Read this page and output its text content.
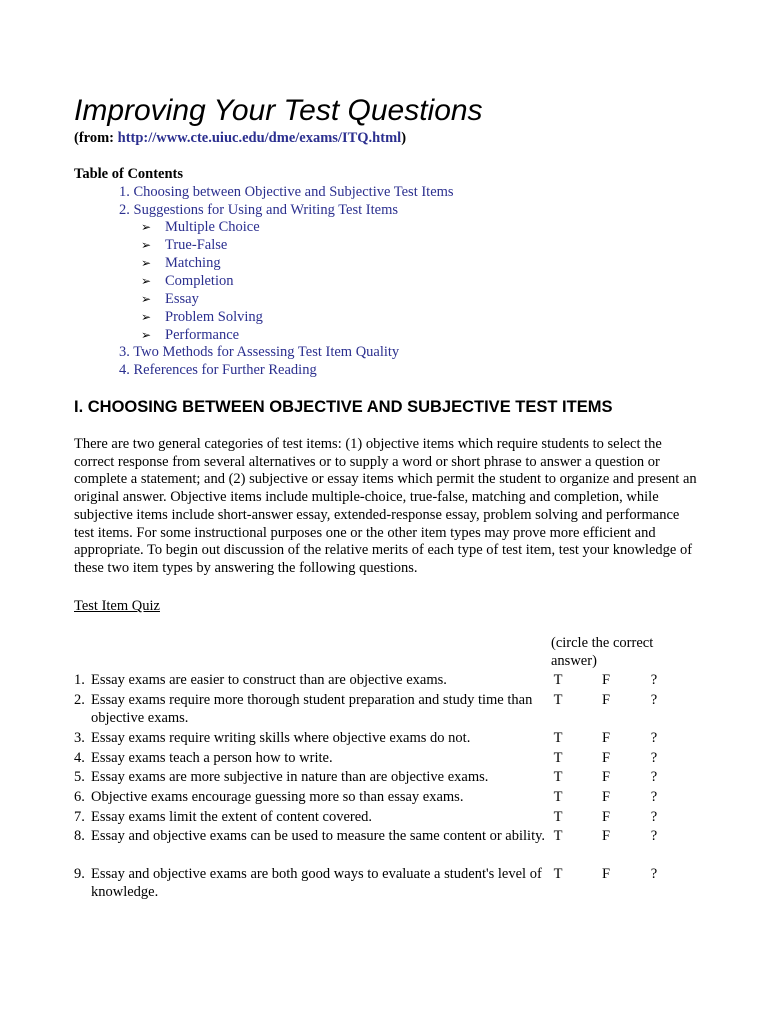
Improving Your Test Questions
(from: http://www.cte.uiuc.edu/dme/exams/ITQ.html)
Table of Contents
1. Choosing between Objective and Subjective Test Items
2. Suggestions for Using and Writing Test Items
➢ Multiple Choice
➢ True-False
➢ Matching
➢ Completion
➢ Essay
➢ Problem Solving
➢ Performance
3. Two Methods for Assessing Test Item Quality
4. References for Further Reading
I. CHOOSING BETWEEN OBJECTIVE AND SUBJECTIVE TEST ITEMS
There are two general categories of test items: (1) objective items which require students to select the correct response from several alternatives or to supply a word or short phrase to answer a question or complete a statement; and (2) subjective or essay items which permit the student to organize and present an original answer. Objective items include multiple-choice, true-false, matching and completion, while subjective items include short-answer essay, extended-response essay, problem solving and performance test items. For some instructional purposes one or the other item types may prove more efficient and appropriate. To begin out discussion of the relative merits of each type of test item, test your knowledge of these two item types by answering the following questions.
Test Item Quiz
(circle the correct answer)
1. Essay exams are easier to construct than are objective exams.	T	F	?
2. Essay exams require more thorough student preparation and study time than objective exams.
T	F	?
3. Essay exams require writing skills where objective exams do not.	T	F	?
4. Essay exams teach a person how to write.	T	F	?
5. Essay exams are more subjective in nature than are objective exams.	T	F	?
6. Objective exams encourage guessing more so than essay exams.	T	F	?
7. Essay exams limit the extent of content covered.	T	F	?
8. Essay and objective exams can be used to measure the same content or ability. T	F	?
9. Essay and objective exams are both good ways to evaluate a student's level of knowledge.
T	F	?
